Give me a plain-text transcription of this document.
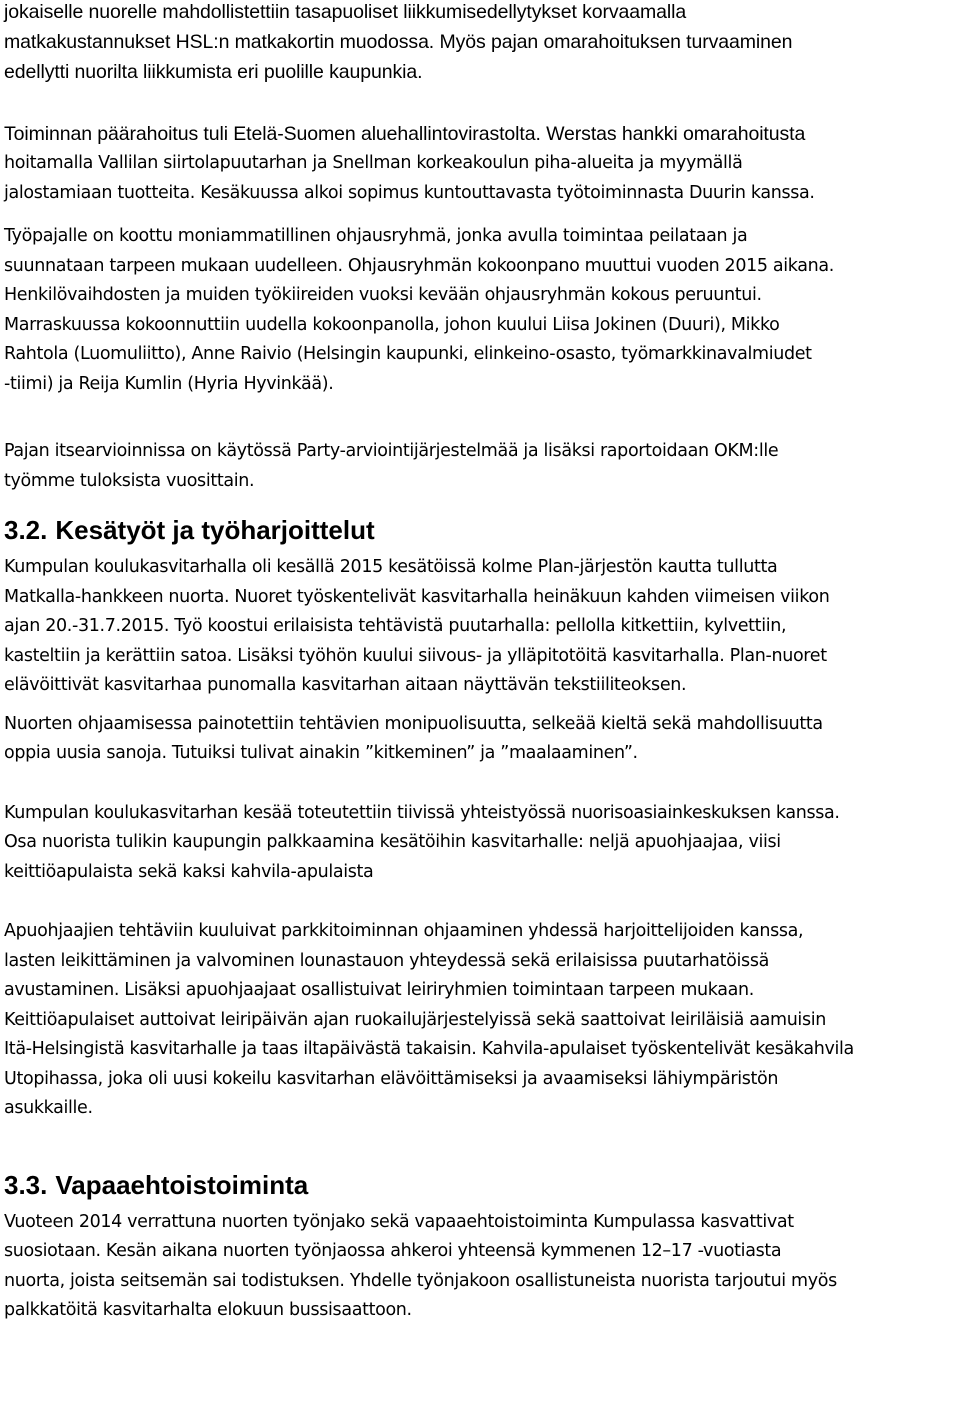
jokaiselle nuorelle mahdollistettiin tasapuoliset liikkumisedellytykset korvaamalla
matkakustannukset HSL:n matkakortin muodossa. Myös pajan omarahoituksen turvaaminen
edellytti nuorilta liikkumista eri puolille kaupunkia.
Toiminnan päärahoitus tuli Etelä-Suomen aluehallintovirastolta. Werstas hankki omarahoitusta
hoitamalla Vallilan siirtolapuutarhan ja Snellman korkeakoulun piha-alueita ja myymällä
jalostamiaan tuotteita. Kesäkuussa alkoi sopimus kuntouttavasta työtoiminnasta Duurin kanssa.
Työpajalle on koottu moniammatillinen ohjausryhmä, jonka avulla toimintaa peilataan ja
suunnataan tarpeen mukaan uudelleen. Ohjausryhmän kokoonpano muuttui vuoden 2015 aikana.
Henkilövaihdosten ja muiden työkiireiden vuoksi kevään ohjausryhmän kokous peruuntui.
Marraskuussa kokoonnuttiin uudella kokoonpanolla, johon kuului Liisa Jokinen (Duuri), Mikko
Rahtola (Luomuliitto), Anne Raivio (Helsingin kaupunki, elinkeino-osasto, työmarkkinavalmiudet
-tiimi) ja Reija Kumlin (Hyria Hyvinkää).
Pajan itsearvioinnissa on käytössä Party-arviointijärjestelmää ja lisäksi raportoidaan OKM:lle
työmme tuloksista vuosittain.
3.2. Kesätyöt ja työharjoittelut
Kumpulan koulukasvitarhalla oli kesällä 2015 kesätöissä kolme Plan-järjestön kautta tullutta
Matkalla-hankkeen nuorta. Nuoret työskentelivät kasvitarhalla heinäkuun kahden viimeisen viikon
ajan 20.-31.7.2015. Työ koostui erilaisista tehtävistä puutarhalla: pellolla kitkettiin, kylvettiin,
kasteltiin ja kerättiin satoa. Lisäksi työhön kuului siivous- ja ylläpitotöitä kasvitarhalla. Plan-nuoret
elävöittivät kasvitarhaa punomalla kasvitarhan aitaan näyttävän tekstiiliteoksen.
Nuorten ohjaamisessa painotettiin tehtävien monipuolisuutta, selkeää kieltä sekä mahdollisuutta
oppia uusia sanoja. Tutuiksi tulivat ainakin ”kitkeminen” ja ”maalaaminen”.
Kumpulan koulukasvitarhan kesää toteutettiin tiivissä yhteistyössä nuorisoasiainkeskuksen kanssa.
Osa nuorista tulikin kaupungin palkkaamina kesätöihin kasvitarhalle: neljä apuohjaajaa, viisi
keittiöapulaista sekä kaksi kahvila-apulaista
Apuohjaajien tehtäviin kuuluivat parkkitoiminnan ohjaaminen yhdessä harjoittelijoiden kanssa,
lasten leikittäminen ja valvominen lounastauon yhteydessä sekä erilaisissa puutarhatöissä
avustaminen. Lisäksi apuohjaajaat osallistuivat leiriryhmien toimintaan tarpeen mukaan.
Keittiöapulaiset auttoivat leiripäivän ajan ruokailujärjestelyissä sekä saattoivat leiriläisiä aamuisin
Itä-Helsingistä kasvitarhalle ja taas iltapäivästä takaisin. Kahvila-apulaiset työskentelivät kesäkahvila
Utopihassa, joka oli uusi kokeilu kasvitarhan elävöittämiseksi ja avaamiseksi lähiympäristön
asukkaille.
3.3. Vapaaehtoistoiminta
Vuoteen 2014 verrattuna nuorten työnjako sekä vapaaehtoistoiminta Kumpulassa kasvattivat
suosiotaan. Kesän aikana nuorten työnjaossa ahkeroi yhteensä kymmenen 12–17 -vuotiasta
nuorta, joista seitsemän sai todistuksen. Yhdelle työnjakoon osallistuneista nuorista tarjoutui myös
palkkatöitä kasvitarhalta elokuun bussisaattoon.
